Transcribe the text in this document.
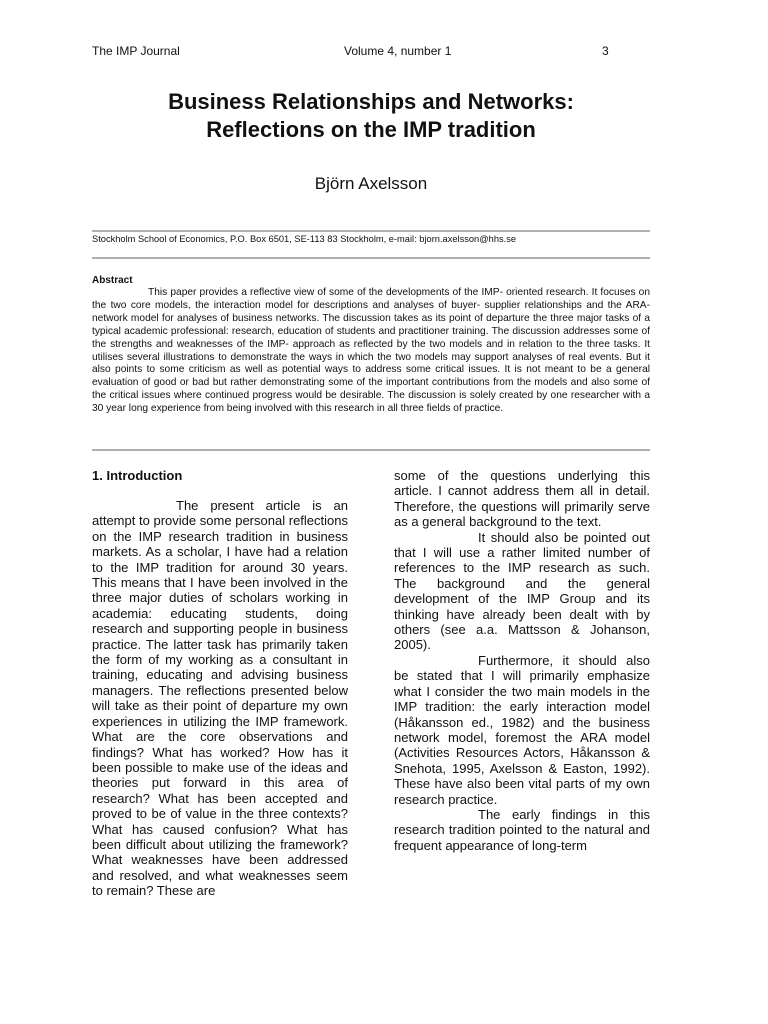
The IMP Journal	Volume 4, number 1	3
Business Relationships and Networks:
Reflections on the IMP tradition
Björn Axelsson
Stockholm School of Economics, P.O. Box 6501, SE-113 83 Stockholm, e-mail: bjorn.axelsson@hhs.se
Abstract

This paper provides a reflective view of some of the developments of the IMP- oriented research. It focuses on the two core models, the interaction model for descriptions and analyses of buyer- supplier relationships and the ARA- network model for analyses of business networks. The discussion takes as its point of departure the three major tasks of a typical academic professional: research, education of students and practitioner training. The discussion addresses some of the strengths and weaknesses of the IMP- approach as reflected by the two models and in relation to the three tasks. It utilises several illustrations to demonstrate the ways in which the two models may support analyses of real events. But it also points to some criticism as well as potential ways to address some critical issues. It is not meant to be a general evaluation of good or bad but rather demonstrating some of the important contributions from the models and also some of the critical issues where continued progress would be desirable. The discussion is solely created by one researcher with a 30 year long experience from being involved with this research in all three fields of practice.

1. Introduction

The present article is an attempt to provide some personal reflections on the IMP research tradition in business markets. As a scholar, I have had a relation to the IMP tradition for around 30 years. This means that I have been involved in the three major duties of scholars working in academia: educating students, doing research and supporting people in business practice. The latter task has primarily taken the form of my working as a consultant in training, educating and advising business managers. The reflections presented below will take as their point of departure my own experiences in utilizing the IMP framework. What are the core observations and findings? What has worked? How has it been possible to make use of the ideas and theories put forward in this area of research? What has been accepted and proved to be of value in the three contexts? What has caused confusion? What has been difficult about utilizing the framework? What weaknesses have been addressed and resolved, and what weaknesses seem to remain? These are

some of the questions underlying this article. I cannot address them all in detail. Therefore, the questions will primarily serve as a general background to the text.

It should also be pointed out that I will use a rather limited number of references to the IMP research as such. The background and the general development of the IMP Group and its thinking have already been dealt with by others (see a.a. Mattsson & Johanson, 2005).

Furthermore, it should also be stated that I will primarily emphasize what I consider the two main models in the IMP tradition: the early interaction model (Håkansson ed., 1982) and the business network model, foremost the ARA model (Activities Resources Actors, Håkansson & Snehota, 1995, Axelsson & Easton, 1992). These have also been vital parts of my own research practice.

The early findings in this research tradition pointed to the natural and frequent appearance of long-term
